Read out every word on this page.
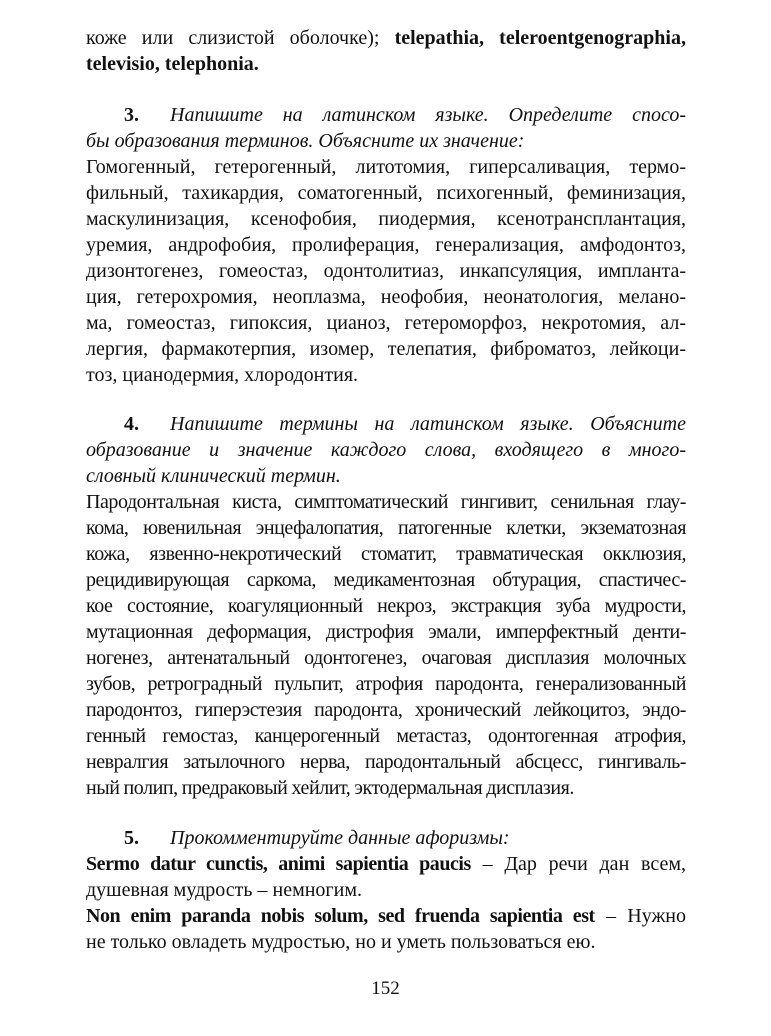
коже или слизистой оболочке); telepathia, teleroentgenographia,
televisio, telephonia.
3. Напишите на латинском языке. Определите спосо-
бы образования терминов. Объясните их значение:
Гомогенный, гетерогенный, литотомия, гиперсаливация, термо-
фильный, тахикардия, соматогенный, психогенный, феминизация,
маскулинизация, ксенофобия, пиодермия, ксенотрансплантация,
уремия, андрофобия, пролиферация, генерализация, амфодонтоз,
дизонтогенез, гомеостаз, одонтолитиаз, инкапсуляция, импланта-
ция, гетерохромия, неоплазма, неофобия, неонатология, мелано-
ма, гомеостаз, гипоксия, цианоз, гетероморфоз, некротомия, ал-
лергия, фармакотерпия, изомер, телепатия, фиброматоз, лейкоци-
тоз, цианодермия, хлородонтия.
4. Напишите термины на латинском языке. Объясните
образование и значение каждого слова, входящего в много-
словный клинический термин.
Пародонтальная киста, симптоматический гингивит, сенильная глау-
кома, ювенильная энцефалопатия, патогенные клетки, экзематозная
кожа, язвенно-некротический стоматит, травматическая окклюзия,
рецидивирующая саркома, медикаментозная обтурация, спастичес-
кое состояние, коагуляционный некроз, экстракция зуба мудрости,
мутационная деформация, дистрофия эмали, имперфектный денти-
ногенез, антенатальный одонтогенез, очаговая дисплазия молочных
зубов, ретроградный пульпит, атрофия пародонта, генерализованный
пародонтоз, гиперэстезия пародонта, хронический лейкоцитоз, эндо-
генный гемостаз, канцерогенный метастаз, одонтогенная атрофия,
невралгия затылочного нерва, пародонтальный абсцесс, гингиваль-
ный полип, предраковый хейлит, эктодермальная дисплазия.
5. Прокомментируйте данные афоризмы:
Sermo datur cunctis, animi sapientia paucis – Дар речи дан всем,
душевная мудрость – немногим.
Non enim paranda nobis solum, sed fruenda sapientia est – Нужно
не только овладеть мудростью, но и уметь пользоваться ею.
152
